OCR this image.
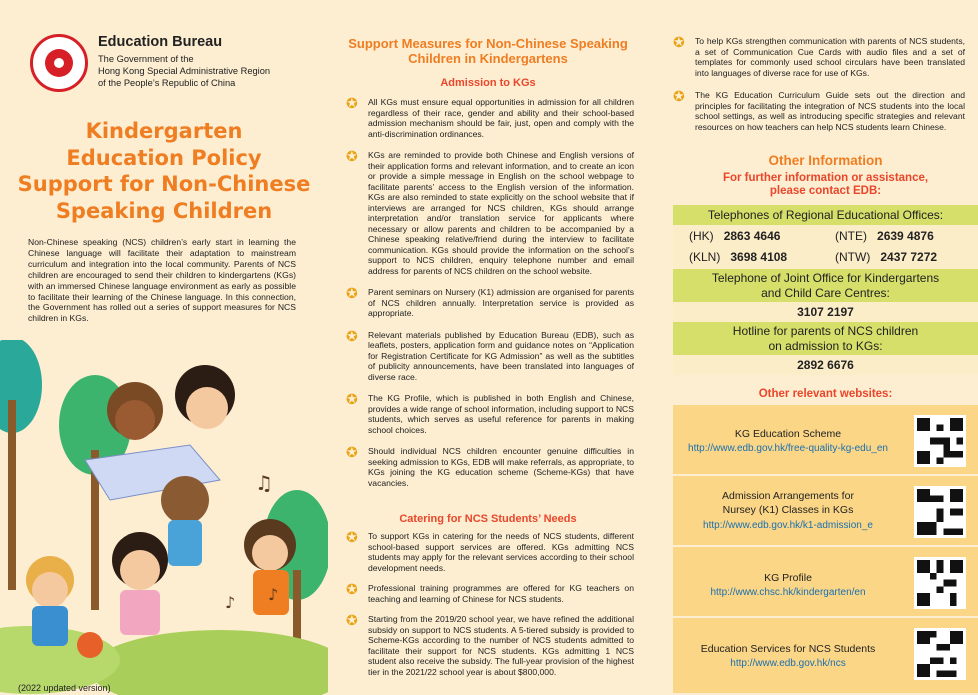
Education Bureau
The Government of the
Hong Kong Special Administrative Region
of the People’s Republic of China
Kindergarten
Education Policy
Support for Non-Chinese
Speaking Children

Non-Chinese speaking (NCS) children’s early start in learning the Chinese language will facilitate their adaptation to mainstream curriculum and integration into the local community. Parents of NCS children are encouraged to send their children to kindergartens (KGs) with an immersed Chinese language environment as early as possible to facilitate their learning of the Chinese language. In this connection, the Government has rolled out a series of support measures for NCS children in KGs.

♫
♪
♪
(2022 updated version)
Support Measures for Non-Chinese Speaking
Children in Kindergartens
Admission to KGs
✪ All KGs must ensure equal opportunities in admission for all children regardless of their race, gender and ability and their school-based admission mechanism should be fair, just, open and comply with the anti-discrimination ordinances.
✪ KGs are reminded to provide both Chinese and English versions of their application forms and relevant information, and to create an icon or provide a simple message in English on the school webpage to facilitate parents’ access to the English version of the information. KGs are also reminded to state explicitly on the school website that if interviews are arranged for NCS children, KGs should arrange interpretation and/or translation service for applicants where necessary or allow parents and children to be accompanied by a Chinese speaking relative/friend during the interview to facilitate communication. KGs should provide the information on the school’s support to NCS children, enquiry telephone number and email address for parents of NCS children on the school website.
✪ Parent seminars on Nursery (K1) admission are organised for parents of NCS children annually. Interpretation service is provided as appropriate.
✪ Relevant materials published by Education Bureau (EDB), such as leaflets, posters, application form and guidance notes on “Application for Registration Certificate for KG Admission” as well as the subtitles of publicity announcements, have been translated into languages of diverse race.
✪ The KG Profile, which is published in both English and Chinese, provides a wide range of school information, including support to NCS students, which serves as useful reference for parents in making school choices.
✪ Should individual NCS children encounter genuine difficulties in seeking admission to KGs, EDB will make referrals, as appropriate, to KGs joining the KG education scheme (Scheme-KGs) that have vacancies.
Catering for NCS Students’ Needs
✪ To support KGs in catering for the needs of NCS students, different school-based support services are offered. KGs admitting NCS students may apply for the relevant services according to their school development needs.
✪ Professional training programmes are offered for KG teachers on teaching and learning of Chinese for NCS students.
✪ Starting from the 2019/20 school year, we have refined the additional subsidy on support to NCS students. A 5-tiered subsidy is provided to Scheme-KGs according to the number of NCS students admitted to facilitate their support for NCS students. KGs admitting 1 NCS student also receive the subsidy. The full-year provision of the highest tier in the 2021/22 school year is about $800,000.
✪ To help KGs strengthen communication with parents of NCS students, a set of Communication Cue Cards with audio files and a set of templates for commonly used school circulars have been translated into languages of diverse race for use of KGs.
✪ The KG Education Curriculum Guide sets out the direction and principles for facilitating the integration of NCS students into the local school settings, as well as introducing specific strategies and relevant resources on how teachers can help NCS students learn Chinese.
Other Information
For further information or assistance,
please contact EDB:
Telephones of Regional Educational Offices:
(HK) 2863 4646	(NTE) 2639 4876
(KLN) 3698 4108	(NTW) 2437 7272
Telephone of Joint Office for Kindergartens
and Child Care Centres:
3107 2197
Hotline for parents of NCS children
on admission to KGs:
2892 6676
Other relevant websites:
KG Education Scheme
http://www.edb.gov.hk/free-quality-kg-edu_en
Admission Arrangements for
Nursey (K1) Classes in KGs
http://www.edb.gov.hk/k1-admission_e
KG Profile
http://www.chsc.hk/kindergarten/en
Education Services for NCS Students
http://www.edb.gov.hk/ncs
